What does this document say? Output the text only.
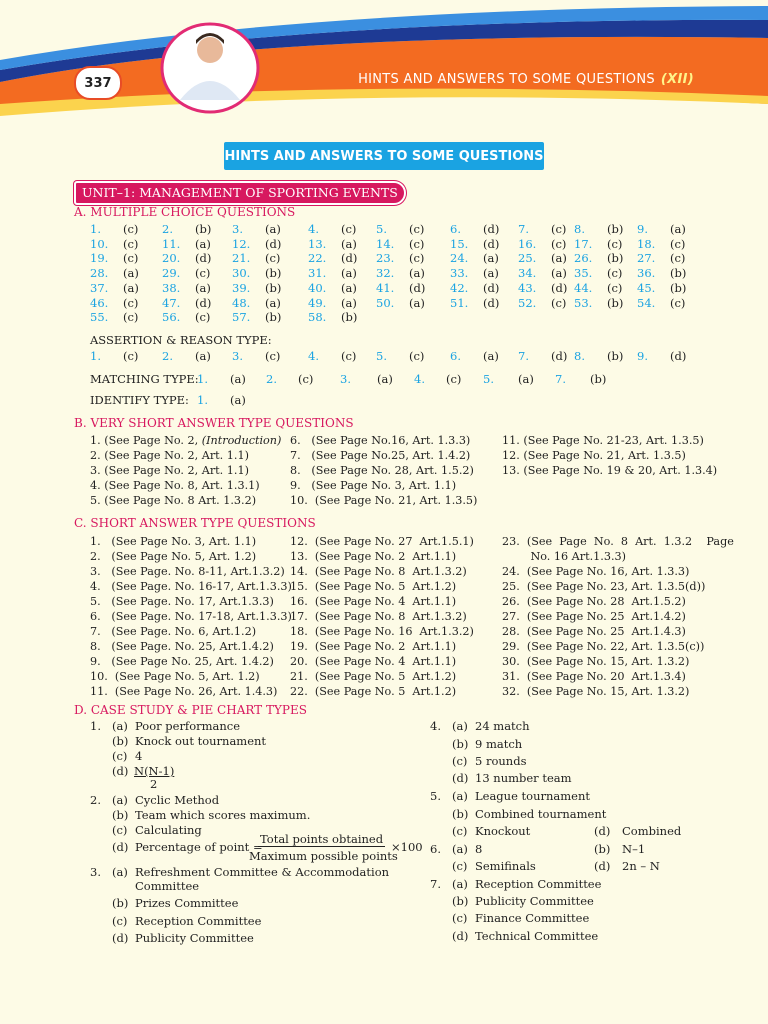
337	HINTS AND ANSWERS TO SOME QUESTIONS (XII)
HINTS AND ANSWERS TO SOME QUESTIONS
UNIT–1: MANAGEMENT OF SPORTING EVENTS
A. MULTIPLE CHOICE QUESTIONS
1. (c) 2. (b) 3. (a) 4. (c) 5. (c) 6. (d) 7. (c) 8. (b) 9. (a)
10. (c) 11. (a) 12. (d) 13. (a) 14. (c) 15. (d) 16. (c) 17. (c) 18. (c)
19. (c) 20. (d) 21. (c) 22. (d) 23. (c) 24. (a) 25. (a) 26. (b) 27. (c)
28. (a) 29. (c) 30. (b) 31. (a) 32. (a) 33. (a) 34. (a) 35. (c) 36. (b)
37. (a) 38. (a) 39. (b) 40. (a) 41. (d) 42. (d) 43. (d) 44. (c) 45. (b)
46. (c) 47. (d) 48. (a) 49. (a) 50. (a) 51. (d) 52. (c) 53. (b) 54. (c)
55. (c) 56. (c) 57. (b) 58. (b)
ASSERTION & REASON TYPE:
1. (c) 2. (a) 3. (c) 4. (c) 5. (c) 6. (a) 7. (d) 8. (b) 9. (d)
MATCHING TYPE:
1. (a) 2. (c) 3. (a) 4. (c) 5. (a) 7. (b)
IDENTIFY TYPE: 1. (a)
B. VERY SHORT ANSWER TYPE QUESTIONS
1. (See Page No. 2, (Introduction)
2. (See Page No. 2, Art. 1.1)
3. (See Page No. 2, Art. 1.1)
4. (See Page No. 8, Art. 1.3.1)
5. (See Page No. 8 Art. 1.3.2)
6.   (See Page No.16, Art. 1.3.3)
7.   (See Page No.25, Art. 1.4.2)
8.   (See Page No. 28, Art. 1.5.2)
9.   (See Page No. 3, Art. 1.1)
10.  (See Page No. 21, Art. 1.3.5)
11. (See Page No. 21-23, Art. 1.3.5)
12. (See Page No. 21, Art. 1.3.5)
13. (See Page No. 19 & 20, Art. 1.3.4)
C. SHORT ANSWER TYPE QUESTIONS
1.   (See Page No. 3, Art. 1.1)
2.   (See Page No. 5, Art. 1.2)
3.   (See Page. No. 8-11, Art.1.3.2)
4.   (See Page. No. 16-17, Art.1.3.3)
5.   (See Page. No. 17, Art.1.3.3)
6.   (See Page. No. 17-18, Art.1.3.3)
7.   (See Page. No. 6, Art.1.2)
8.   (See Page. No. 25, Art.1.4.2)
9.   (See Page No. 25, Art. 1.4.2)
10.  (See Page No. 5, Art. 1.2)
11.  (See Page No. 26, Art. 1.4.3)
12.  (See Page No. 27  Art.1.5.1)
13.  (See Page No. 2  Art.1.1)
14.  (See Page No. 8  Art.1.3.2)
15.  (See Page No. 5  Art.1.2)
16.  (See Page No. 4  Art.1.1)
17.  (See Page No. 8  Art.1.3.2)
18.  (See Page No. 16  Art.1.3.2)
19.  (See Page No. 2  Art.1.1)
20.  (See Page No. 4  Art.1.1)
21.  (See Page No. 5  Art.1.2)
22.  (See Page No. 5  Art.1.2)
23.  (See  Page  No.  8  Art.  1.3.2    Page
No. 16 Art.1.3.3)
24.  (See Page No. 16, Art. 1.3.3)
25.  (See Page No. 23, Art. 1.3.5(d))
26.  (See Page No. 28  Art.1.5.2)
27.  (See Page No. 25  Art.1.4.2)
28.  (See Page No. 25  Art.1.4.3)
29.  (See Page No. 22, Art. 1.3.5(c))
30.  (See Page No. 15, Art. 1.3.2)
31.  (See Page No. 20  Art.1.3.4)
32.  (See Page No. 15, Art. 1.3.2)
D. CASE STUDY & PIE CHART TYPES
1. (a) Poor performance
(b) Knock out tournament
(c) 4
(d) N(N-1)
2
2. (a) Cyclic Method
(b) Team which scores maximum.
(c) Calculating
(d) Percentage of point =
Total points obtained
Maximum possible points
×100
3. (a) Refreshment Committee & Accommodation
Committee
(b) Prizes Committee
(c) Reception Committee
(d) Publicity Committee
4. (a) 24 match
(b) 9 match
(c) 5 rounds
(d) 13 number team
5. (a) League tournament
(b) Combined tournament
(c) Knockout	(d) Combined
6. (a) 8	(b) N–1
(c) Semifinals	(d) 2n – N
7. (a) Reception Committee
(b) Publicity Committee
(c) Finance Committee
(d) Technical Committee
